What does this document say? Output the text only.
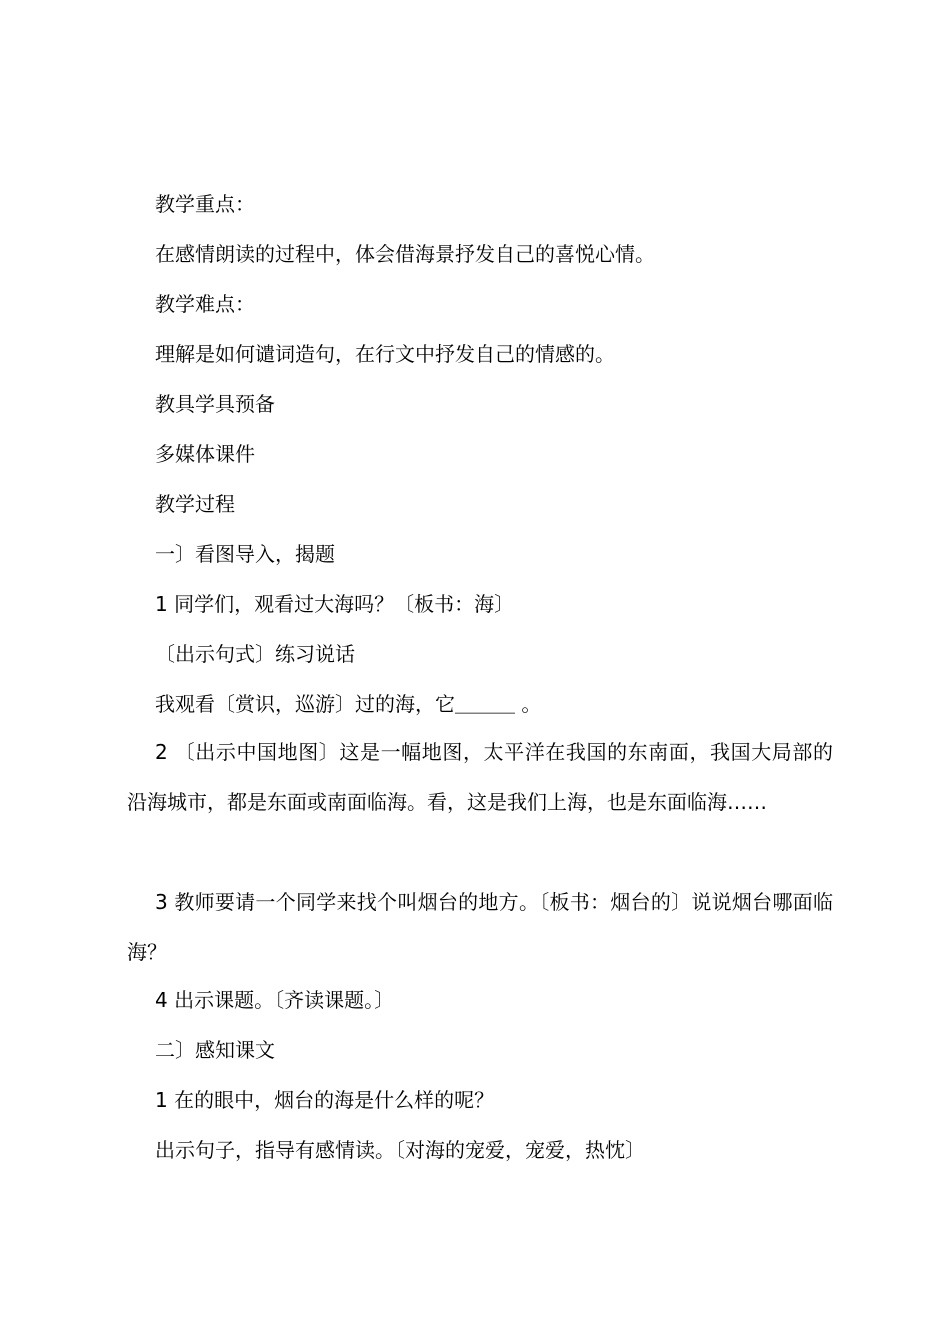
教学重点：

在感情朗读的过程中，体会借海景抒发自己的喜悦心情。

教学难点：

理解是如何谴词造句，在行文中抒发自己的情感的。

教具学具预备

多媒体课件

教学过程

一〕看图导入，揭题

1 同学们，观看过大海吗？〔板书：海〕

〔出示句式〕练习说话

我观看〔赏识，巡游〕过的海，它＿＿＿ 。

2 〔出示中国地图〕这是一幅地图，太平洋在我国的东南面，我国大局部的沿海城市，都是东面或南面临海。看，这是我们上海，也是东面临海……

3 教师要请一个同学来找个叫烟台的地方。〔板书：烟台的〕说说烟台哪面临海？

4 出示课题。〔齐读课题。〕

二〕感知课文

1 在的眼中，烟台的海是什么样的呢？

出示句子，指导有感情读。〔对海的宠爱，宠爱，热忱〕
